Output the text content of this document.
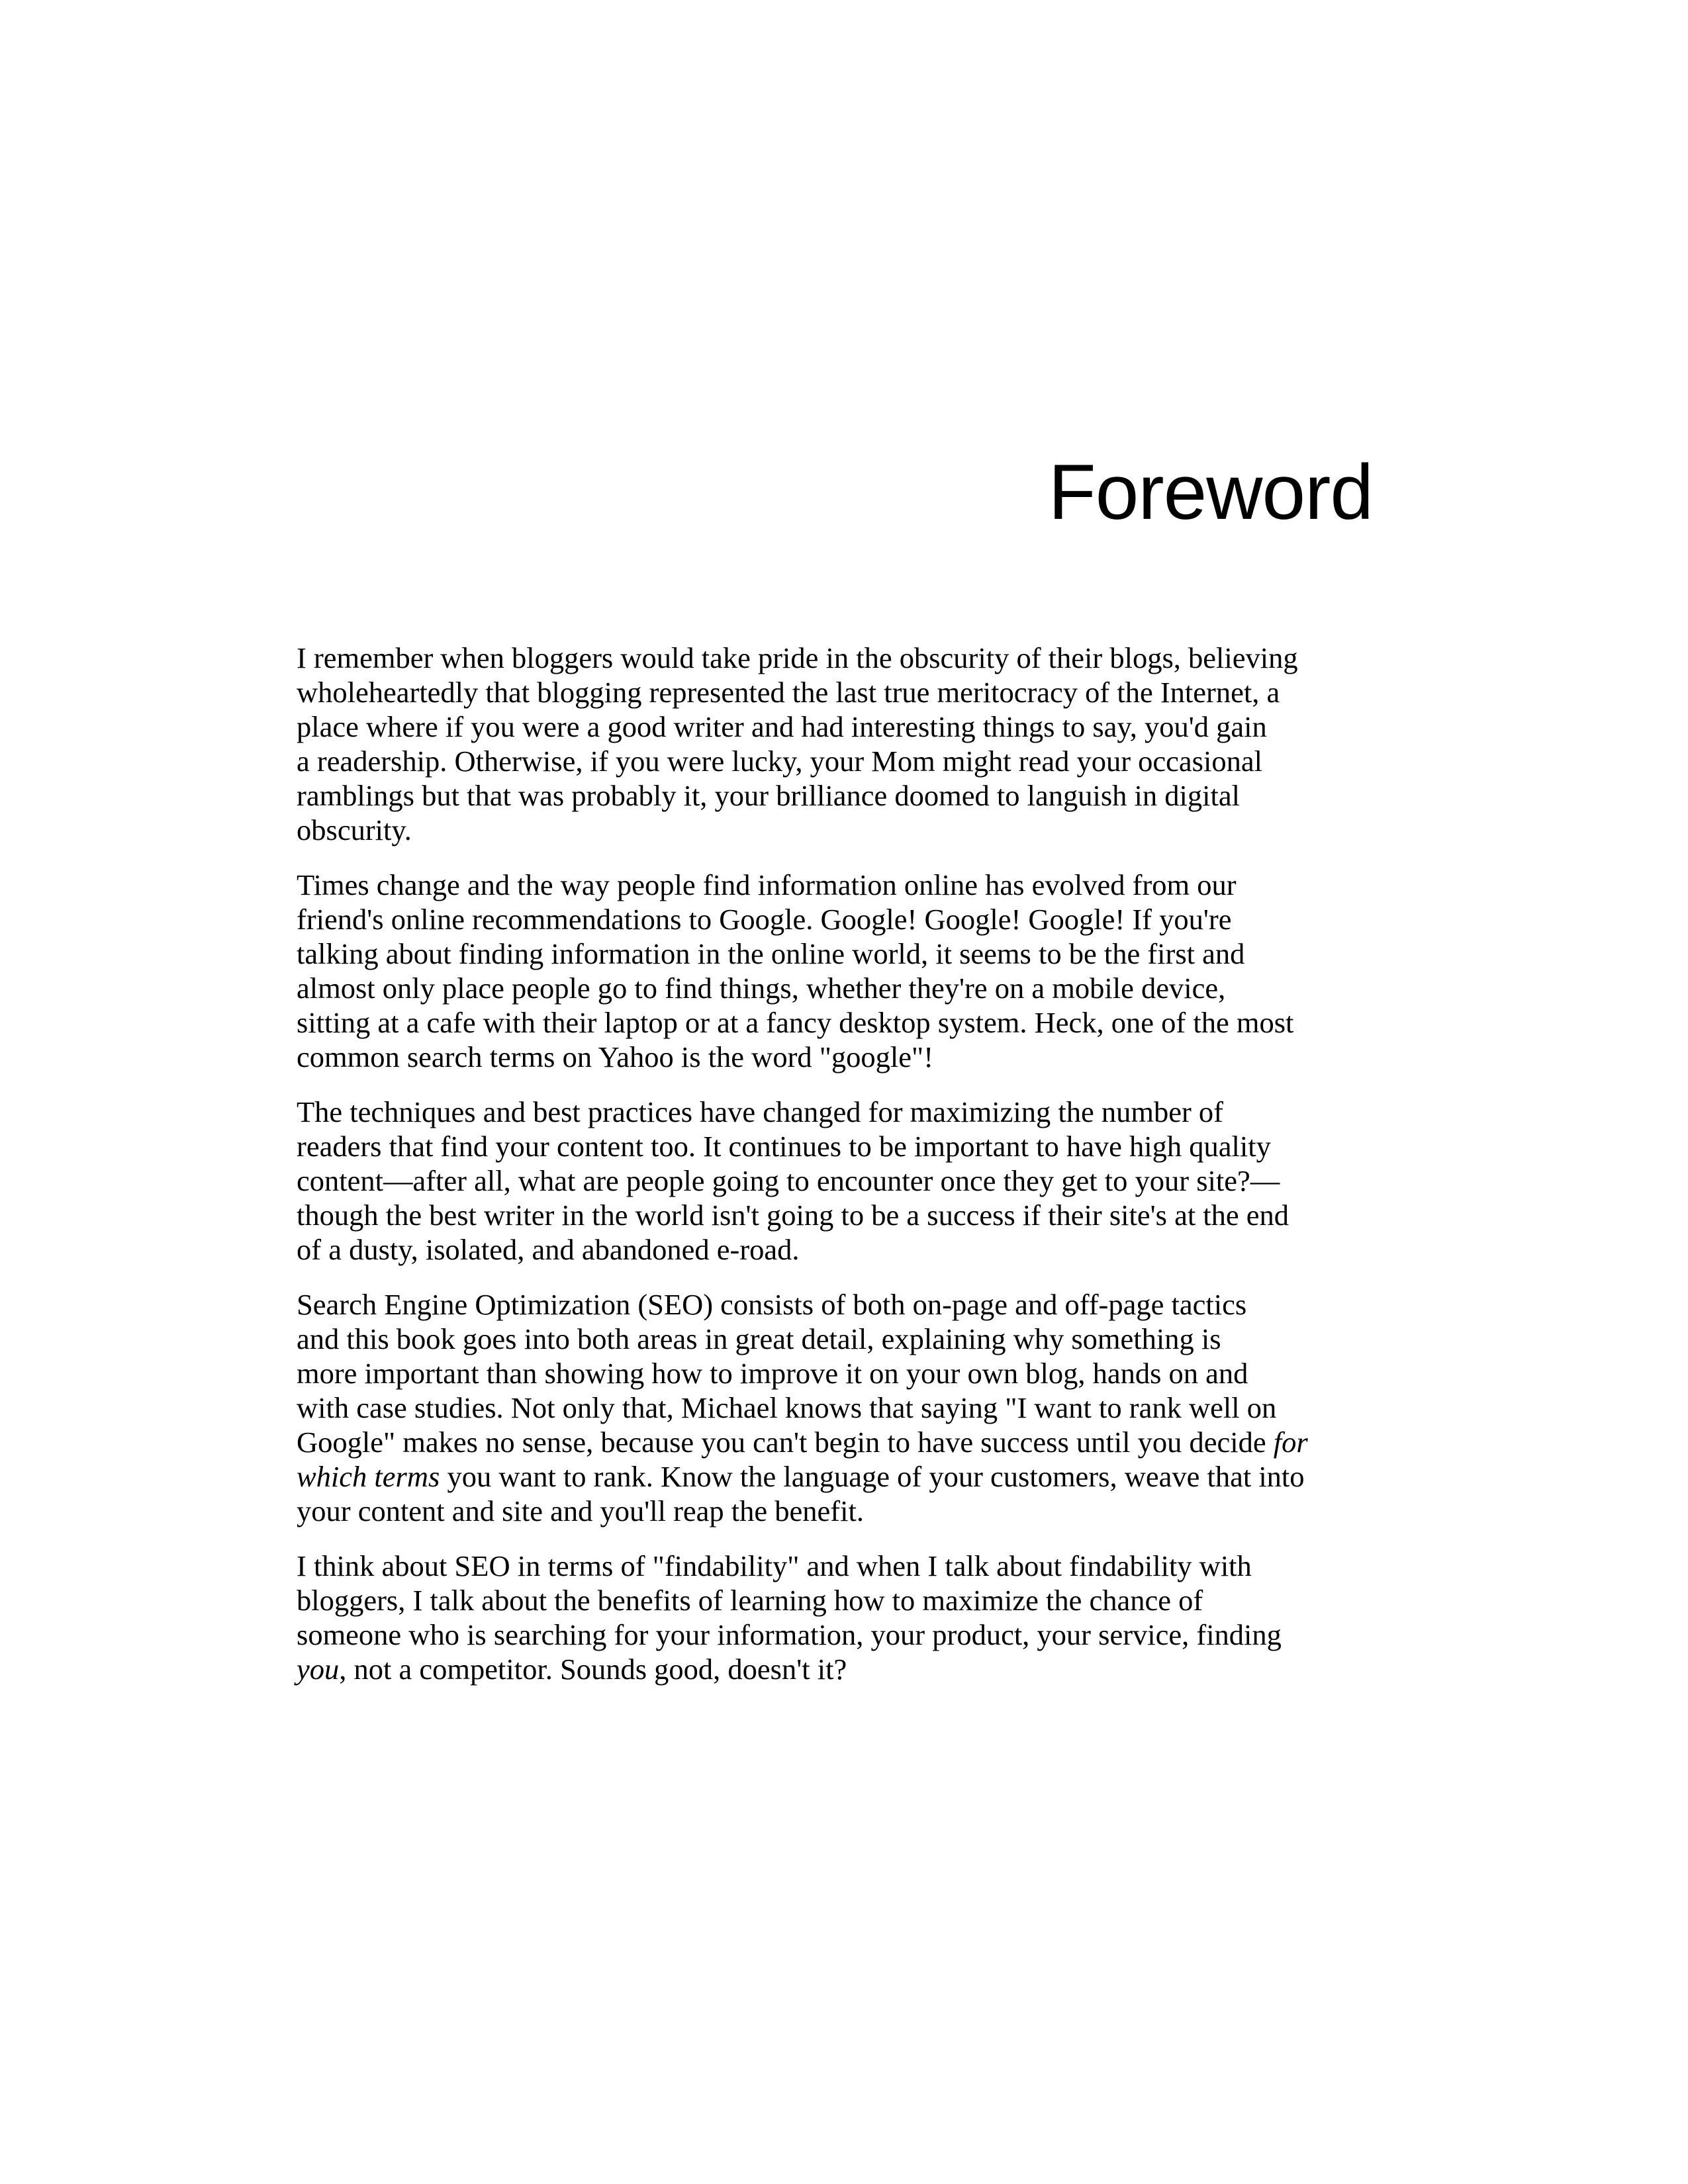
Foreword

I remember when bloggers would take pride in the obscurity of their blogs, believing
wholeheartedly that blogging represented the last true meritocracy of the Internet, a
place where if you were a good writer and had interesting things to say, you'd gain
a readership. Otherwise, if you were lucky, your Mom might read your occasional
ramblings but that was probably it, your brilliance doomed to languish in digital
obscurity.

Times change and the way people find information online has evolved from our
friend's online recommendations to Google. Google! Google! Google! If you're
talking about finding information in the online world, it seems to be the first and
almost only place people go to find things, whether they're on a mobile device,
sitting at a cafe with their laptop or at a fancy desktop system. Heck, one of the most
common search terms on Yahoo is the word "google"!

The techniques and best practices have changed for maximizing the number of
readers that find your content too. It continues to be important to have high quality
content—after all, what are people going to encounter once they get to your site?—
though the best writer in the world isn't going to be a success if their site's at the end
of a dusty, isolated, and abandoned e-road.

Search Engine Optimization (SEO) consists of both on-page and off-page tactics
and this book goes into both areas in great detail, explaining why something is
more important than showing how to improve it on your own blog, hands on and
with case studies. Not only that, Michael knows that saying "I want to rank well on
Google" makes no sense, because you can't begin to have success until you decide for
which terms you want to rank. Know the language of your customers, weave that into
your content and site and you'll reap the benefit.

I think about SEO in terms of "findability" and when I talk about findability with
bloggers, I talk about the benefits of learning how to maximize the chance of
someone who is searching for your information, your product, your service, finding
you, not a competitor. Sounds good, doesn't it?
